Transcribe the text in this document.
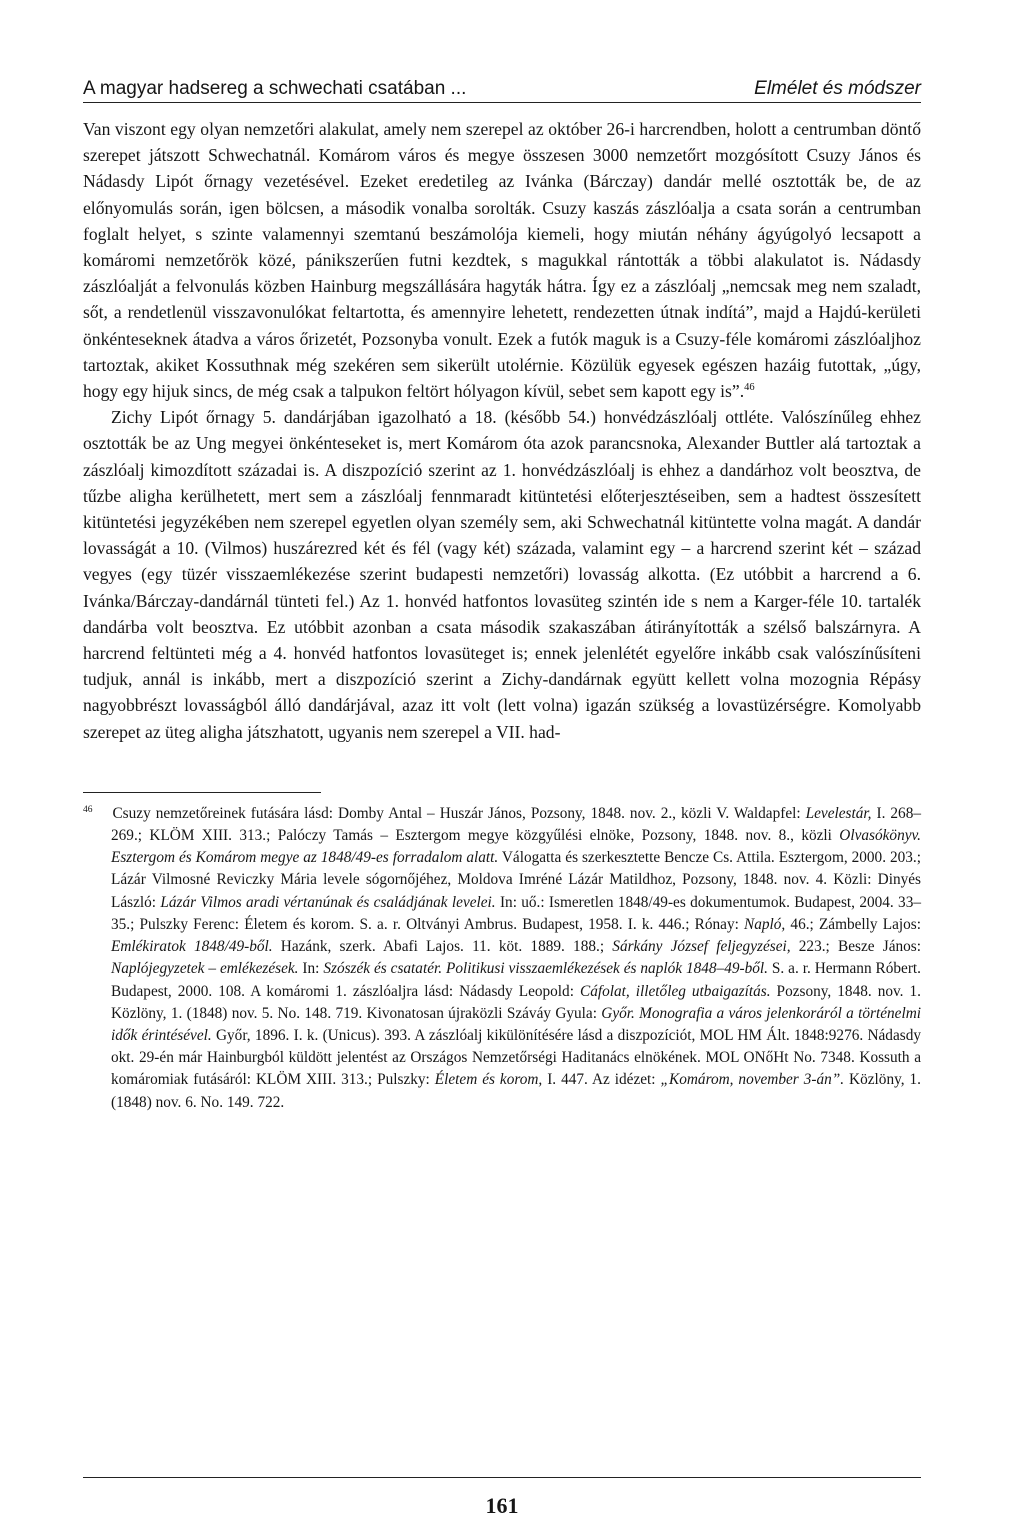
A magyar hadsereg a schwechati csatában ...	Elmélet és módszer

Van viszont egy olyan nemzetőri alakulat, amely nem szerepel az október 26-i harcrendben, holott a centrumban döntő szerepet játszott Schwechatnál. Komárom város és megye összesen 3000 nemzetőrt mozgósított Csuzy János és Nádasdy Lipót őrnagy vezetésével. Ezeket eredetileg az Ivánka (Bárczay) dandár mellé osztották be, de az előnyomulás során, igen bölcsen, a második vonalba sorolták. Csuzy kaszás zászlóalja a csata során a centrumban foglalt helyet, s szinte valamennyi szemtanú beszámolója kiemeli, hogy miután néhány ágyúgolyó lecsapott a komáromi nemzetőrök közé, pánikszerűen futni kezdtek, s magukkal rántották a többi alakulatot is. Nádasdy zászlóalját a felvonulás közben Hainburg megszállására hagyták hátra. Így ez a zászlóalj „nemcsak meg nem szaladt, sőt, a rendetlenül visszavonulókat feltartotta, és amennyire lehetett, rendezetten útnak indítá”, majd a Hajdú-kerületi önkénteseknek átadva a város őrizetét, Pozsonyba vonult. Ezek a futók maguk is a Csuzy-féle komáromi zászlóaljhoz tartoztak, akiket Kossuthnak még szekéren sem sikerült utolérnie. Közülük egyesek egészen hazáig futottak, „úgy, hogy egy hijuk sincs, de még csak a talpukon feltört hólyagon kívül, sebet sem kapott egy is”.$^{46}$

Zichy Lipót őrnagy 5. dandárjában igazolható a 18. (később 54.) honvédzászlóalj ottléte. Valószínűleg ehhez osztották be az Ung megyei önkénteseket is, mert Komárom óta azok parancsnoka, Alexander Buttler alá tartoztak a zászlóalj kimozdított századai is. A diszpozíció szerint az 1. honvédzászlóalj is ehhez a dandárhoz volt beosztva, de tűzbe aligha kerülhetett, mert sem a zászlóalj fennmaradt kitüntetési előterjesztéseiben, sem a hadtest összesített kitüntetési jegyzékében nem szerepel egyetlen olyan személy sem, aki Schwechatnál kitüntette volna magát. A dandár lovasságát a 10. (Vilmos) huszárezred két és fél (vagy két) százada, valamint egy – a harcrend szerint két – század vegyes (egy tüzér visszaemlékezése szerint budapesti nemzetőri) lovasság alkotta. (Ez utóbbit a harcrend a 6. Ivánka/Bárczay-dandárnál tünteti fel.) Az 1. honvéd hatfontos lovasüteg szintén ide s nem a Karger-féle 10. tartalék dandárba volt beosztva. Ez utóbbit azonban a csata második szakaszában átirányították a szélső balszárnyra. A harcrend feltünteti még a 4. honvéd hatfontos lovasüteget is; ennek jelenlétét egyelőre inkább csak valószínűsíteni tudjuk, annál is inkább, mert a diszpozíció szerint a Zichy-dandárnak együtt kellett volna mozognia Répásy nagyobbrészt lovasságból álló dandárjával, azaz itt volt (lett volna) igazán szükség a lovastüzérségre. Komolyabb szerepet az üteg aligha játszhatott, ugyanis nem szerepel a VII. had-

$^{46}$ Csuzy nemzetőreinek futására lásd: Domby Antal – Huszár János, Pozsony, 1848. nov. 2., közli V. Waldapfel: Levelestár, I. 268–269.; KLÖM XIII. 313.; Palóczy Tamás – Esztergom megye közgyűlési elnöke, Pozsony, 1848. nov. 8., közli Olvasókönyv. Esztergom és Komárom megye az 1848/49-es forradalom alatt. Válogatta és szerkesztette Bencze Cs. Attila. Esztergom, 2000. 203.; Lázár Vilmosné Reviczky Mária levele sógornőjéhez, Moldova Imréné Lázár Matildhoz, Pozsony, 1848. nov. 4. Közli: Dinyés László: Lázár Vilmos aradi vértanúnak és családjának levelei. In: uő.: Ismeretlen 1848/49-es dokumentumok. Budapest, 2004. 33–35.; Pulszky Ferenc: Életem és korom. S. a. r. Oltványi Ambrus. Budapest, 1958. I. k. 446.; Rónay: Napló, 46.; Zámbelly Lajos: Emlékiratok 1848/49-ből. Hazánk, szerk. Abafi Lajos. 11. köt. 1889. 188.; Sárkány József feljegyzései, 223.; Besze János: Naplójegyzetek – emlékezések. In: Szószék és csatatér. Politikusi visszaemlékezések és naplók 1848–49-ből. S. a. r. Hermann Róbert. Budapest, 2000. 108. A komáromi 1. zászlóaljra lásd: Nádasdy Leopold: Cáfolat, illetőleg utbaigazítás. Pozsony, 1848. nov. 1. Közlöny, 1. (1848) nov. 5. No. 148. 719. Kivonatosan újraközli Száváy Gyula: Győr. Monografia a város jelenkoráról a történelmi idők érintésével. Győr, 1896. I. k. (Unicus). 393. A zászlóalj kikülönítésére lásd a diszpozíciót, MOL HM Ált. 1848:9276. Nádasdy okt. 29-én már Hainburgból küldött jelentést az Országos Nemzetőrségi Haditanács elnökének. MOL ONőHt No. 7348. Kossuth a komáromiak futásáról: KLÖM XIII. 313.; Pulszky: Életem és korom, I. 447. Az idézet: „Komárom, november 3-án”. Közlöny, 1. (1848) nov. 6. No. 149. 722.

161
